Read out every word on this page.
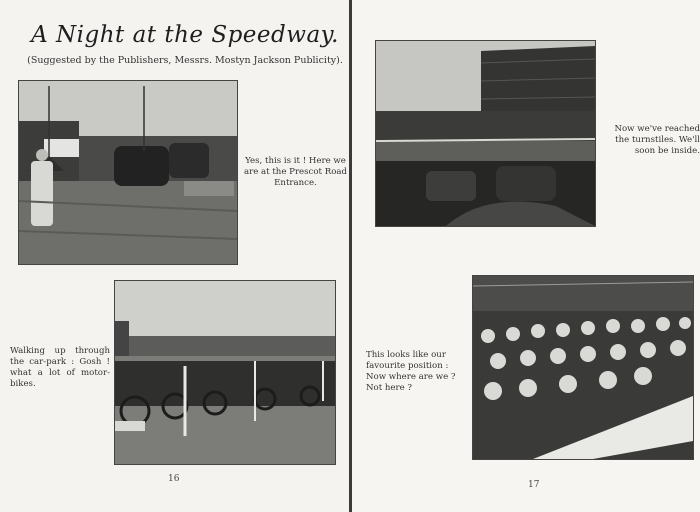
A Night at the Speedway.
(Suggested by the Publishers, Messrs. Mostyn Jackson Publicity).
Yes, this is it ! Here we are at the Prescot Road Entrance.
Walking up through the car-park : Gosh ! what a lot of motor-bikes.
16
Now we've reached the turnstiles. We'll soon be inside.
This looks like our favourite position : Now where are we ? Not here ?
17
